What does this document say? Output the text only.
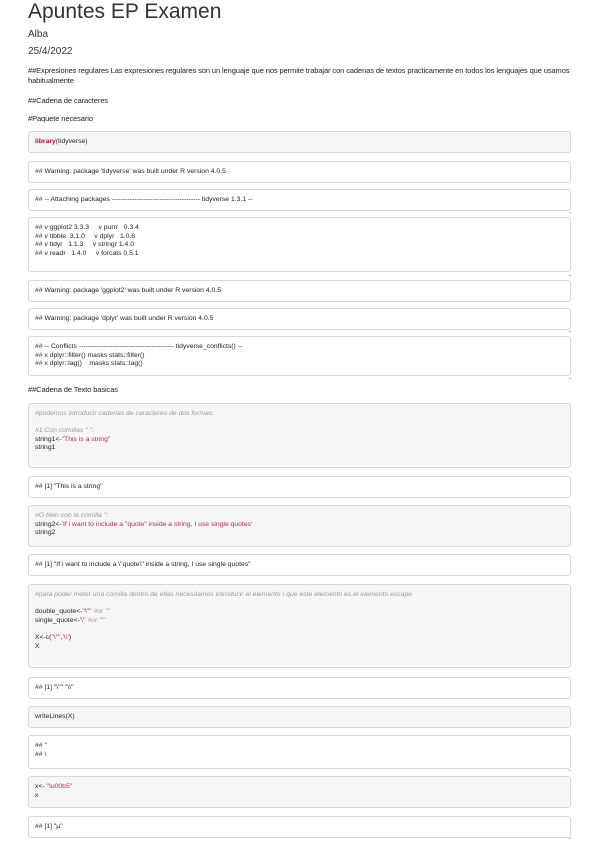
Apuntes EP Examen
Alba
25/4/2022
##Expresiones regulares Las expresiones regulares son un lenguaje que nos permite trabajar con cadenas de textos practicamente en todos los lenguajes que usamos habitualmente
##Cadena de caracteres
#Paquete necesario
library(tidyverse)
## Warning: package 'tidyverse' was built under R version 4.0.5
## -- Attaching packages --------------------------------------- tidyverse 1.3.1 --
## v ggplot2 3.3.3     v purrr   0.3.4
## v tibble  3.1.0     v dplyr   1.0.6
## v tidyr   1.1.3     v stringr 1.4.0
## v readr   1.4.0     v forcats 0.5.1
## Warning: package 'ggplot2' was built under R version 4.0.5
## Warning: package 'dplyr' was built under R version 4.0.5
## -- Conflicts ------------------------------------------ tidyverse_conflicts() --
## x dplyr::filter() masks stats::filter()
## x dplyr::lag()    masks stats::lag()
##Cadena de Texto basicas
#podemos introducir cadenas de caracteres de dos formas:

#1.Con comillas " ":
string1<-"This is a string"
string1
## [1] "This is a string"
#O bien con la comilla '':
string2<-'If i want to include a "quote" inside a string, I use single quotes'
string2
## [1] "If i want to include a \"quote\" inside a string, I use single quotes"
#para poder meter una comilla dentro de ellas necesitamos introducir el elemento \ que este elemento es el elemento escape

double_quote<-"\"" #or '"'
single_quote<-'\'' #or "'"

X<-c("\"",'\\')
X
## [1] "\"" "\\"
writeLines(X)
## "
## \
x<- "\u00b5"
x
## [1] "µ"
